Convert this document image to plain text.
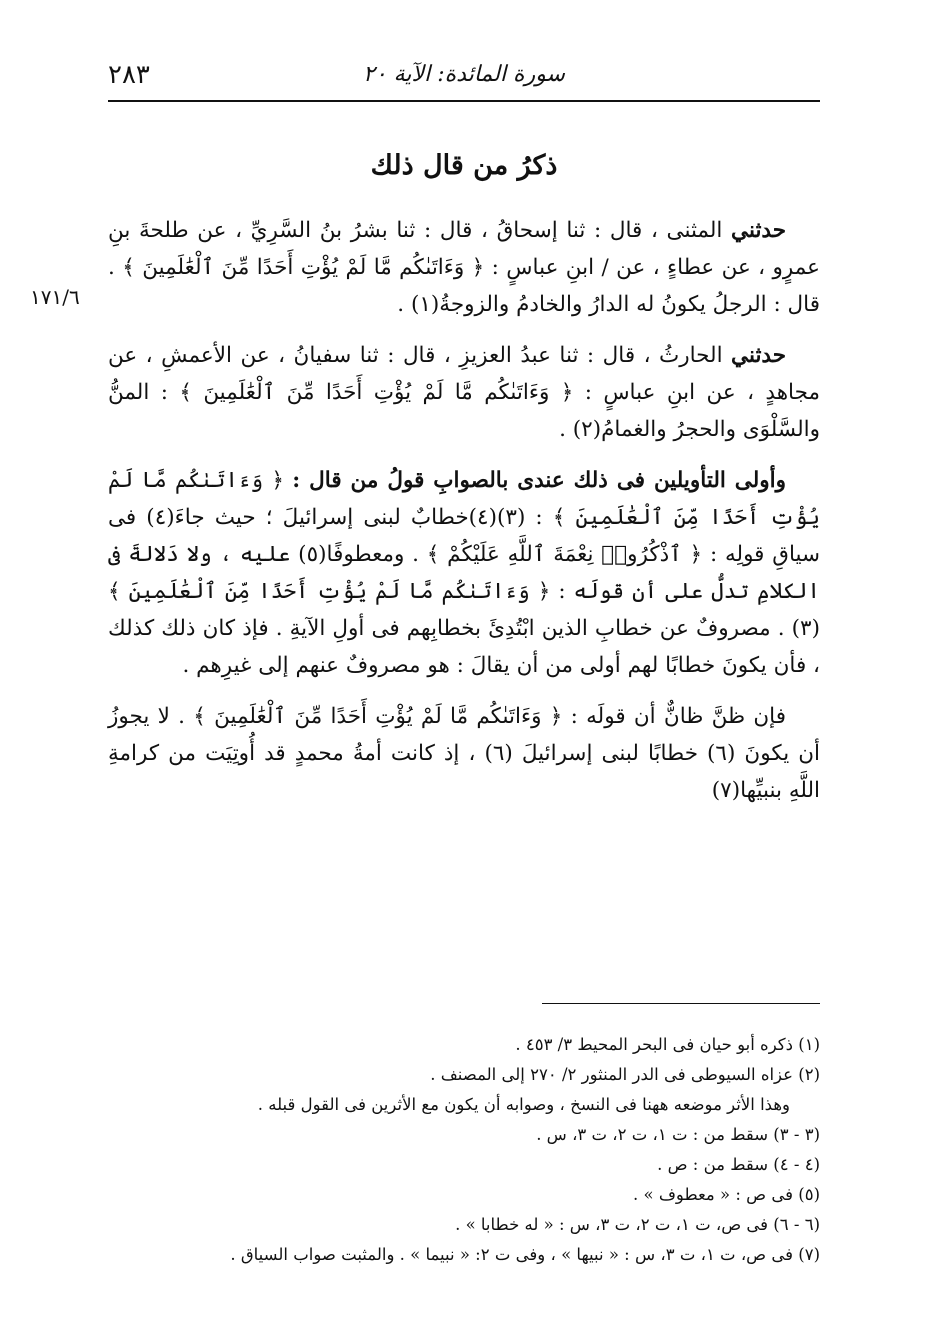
سورة المائدة: الآية ٢٠
٢٨٣
ذكرُ من قال ذلك
١٧١/٦

حدثني المثنى ، قال : ثنا إسحاقُ ، قال : ثنا بشرُ بنُ السَّرِيِّ ، عن طلحةَ بنِ عمرٍو ، عن عطاءٍ ، عن / ابنِ عباسٍ : ﴿ وَءَاتَىٰكُم مَّا لَمْ يُؤْتِ أَحَدًا مِّنَ ٱلْعَٰلَمِينَ ﴾ . قال : الرجلُ يكونُ له الدارُ والخادمُ والزوجةُ(١) .

حدثني الحارثُ ، قال : ثنا عبدُ العزيزِ ، قال : ثنا سفيانُ ، عن الأعمشِ ، عن مجاهدٍ ، عن ابنِ عباسٍ : ﴿ وَءَاتَىٰكُم مَّا لَمْ يُؤْتِ أَحَدًا مِّنَ ٱلْعَٰلَمِينَ ﴾ : المنُّ والسَّلْوَى والحجرُ والغمامُ(٢) .

وأولى التأويلين فى ذلك عندى بالصوابِ قولُ من قال : ﴿ وَءَاتَىٰكُم مَّا لَمْ يُؤْتِ أَحَدًا مِّنَ ٱلْعَٰلَمِينَ ﴾ : (٣)(٤)خطابٌ لبنى إسرائيلَ ؛ حيث جاءَ(٤) فى سياقِ قولِه : ﴿ ٱذْكُرُوا۟ نِعْمَةَ ٱللَّهِ عَلَيْكُمْ ﴾ . ومعطوفًا(٥) عليه ، ولا دَلالةَ فى الكلامِ تدلُّ على أن قولَه : ﴿ وَءَاتَىٰكُم مَّا لَمْ يُؤْتِ أَحَدًا مِّنَ ٱلْعَٰلَمِينَ ﴾(٣) . مصروفٌ عن خطابِ الذين ابْتُدِئَ بخطابِهم فى أولِ الآيةِ . فإذ كان ذلك كذلك ، فأن يكونَ خطابًا لهم أولى من أن يقالَ : هو مصروفٌ عنهم إلى غيرِهم .

فإن ظنَّ ظانٌّ أن قولَه : ﴿ وَءَاتَىٰكُم مَّا لَمْ يُؤْتِ أَحَدًا مِّنَ ٱلْعَٰلَمِينَ ﴾ . لا يجوزُ أن يكونَ (٦) خطابًا لبنى إسرائيلَ (٦) ، إذ كانت أمةُ محمدٍ قد أُوتِيَت من كرامةِ اللَّهِ بنبيِّها(٧)

(١) ذكره أبو حيان فى البحر المحيط ٣/ ٤٥٣ .

(٢) عزاه السيوطى فى الدر المنثور ٢/ ٢٧٠ إلى المصنف .

وهذا الأثر موضعه ههنا فى النسخ ، وصوابه أن يكون مع الأثرين فى القول قبله .

(٣ - ٣) سقط من : ت ١، ت ٢، ت ٣، س .

(٤ - ٤) سقط من : ص .

(٥) فى ص : « معطوف » .

(٦ - ٦) فى ص، ت ١، ت ٢، ت ٣، س : « له خطابا » .

(٧) فى ص، ت ١، ت ٣، س : « نبيها » ، وفى ت ٢: « نبيما » . والمثبت صواب السياق .
